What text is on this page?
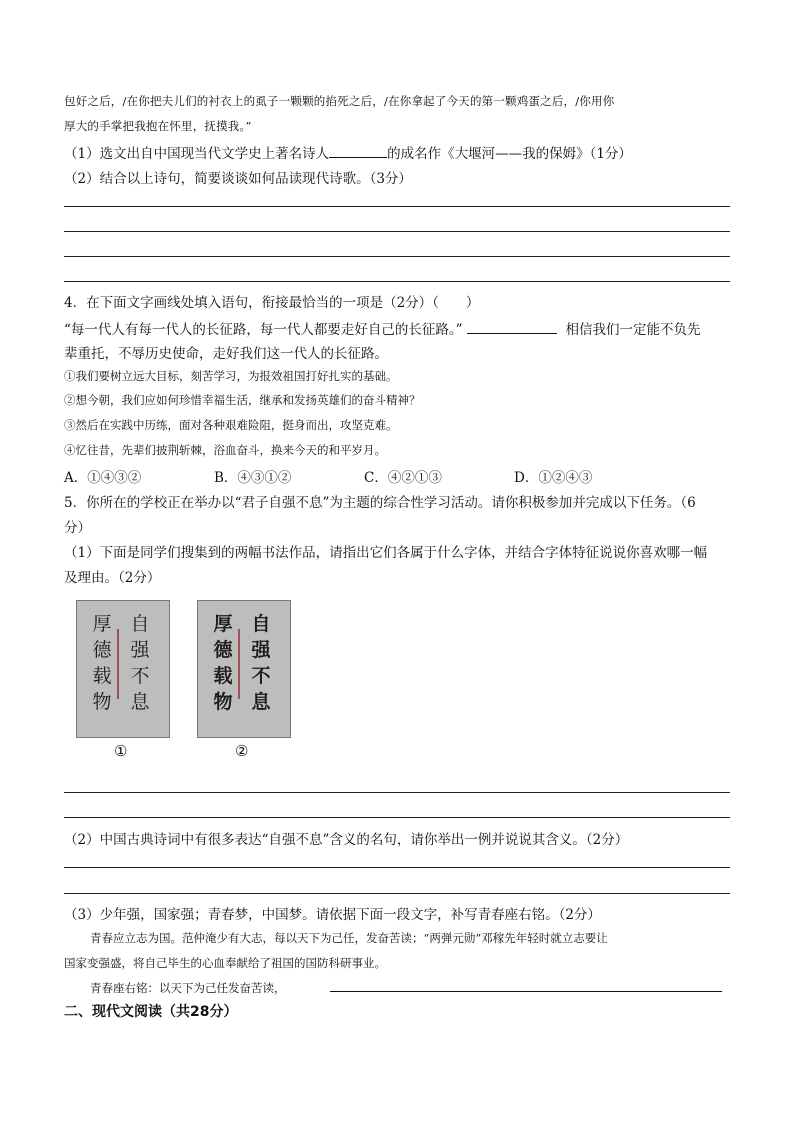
包好之后，/在你把夫儿们的衬衣上的虱子一颗颗的掐死之后，/在你拿起了今天的第一颗鸡蛋之后，/你用你
厚大的手掌把我抱在怀里，抚摸我。”
（1）选文出自中国现当代文学史上著名诗人	的成名作《大堰河——我的保姆》（1分）
（2）结合以上诗句，简要谈谈如何品读现代诗歌。（3分）
4．在下面文字画线处填入语句，衔接最恰当的一项是（2分）（　　）
“每一代人有每一代人的长征路，每一代人都要走好自己的长征路。”	相信我们一定能不负先
辈重托，不辱历史使命，走好我们这一代人的长征路。
①我们要树立远大目标，刻苦学习，为报效祖国打好扎实的基础。
②想今朝，我们应如何珍惜幸福生活，继承和发扬英雄们的奋斗精神？
③然后在实践中历练，面对各种艰难险阻，挺身而出，攻坚克难。
④忆往昔，先辈们披荆斩棘，浴血奋斗，换来今天的和平岁月。
A．①④③②	B．④③①②	C．④②①③	D．①②④③
5．你所在的学校正在举办以“君子自强不息”为主题的综合性学习活动。请你积极参加并完成以下任务。（6
分）
（1）下面是同学们搜集到的两幅书法作品，请指出它们各属于什么字体，并结合字体特征说说你喜欢哪一幅
及理由。（2分）
自
强
不
息
厚
德
载
物
①
自
强
不
息
厚
德
载
物
②
（2）中国古典诗词中有很多表达“自强不息”含义的名句，请你举出一例并说说其含义。（2分）
（3）少年强，国家强；青春梦，中国梦。请依据下面一段文字，补写青春座右铭。（2分）
青春应立志为国。范仲淹少有大志，每以天下为己任，发奋苦读；“两弹元勋”邓稼先年轻时就立志要让
国家变强盛，将自己毕生的心血奉献给了祖国的国防科研事业。
青春座右铭：以天下为己任发奋苦读，
二、现代文阅读（共28分）
